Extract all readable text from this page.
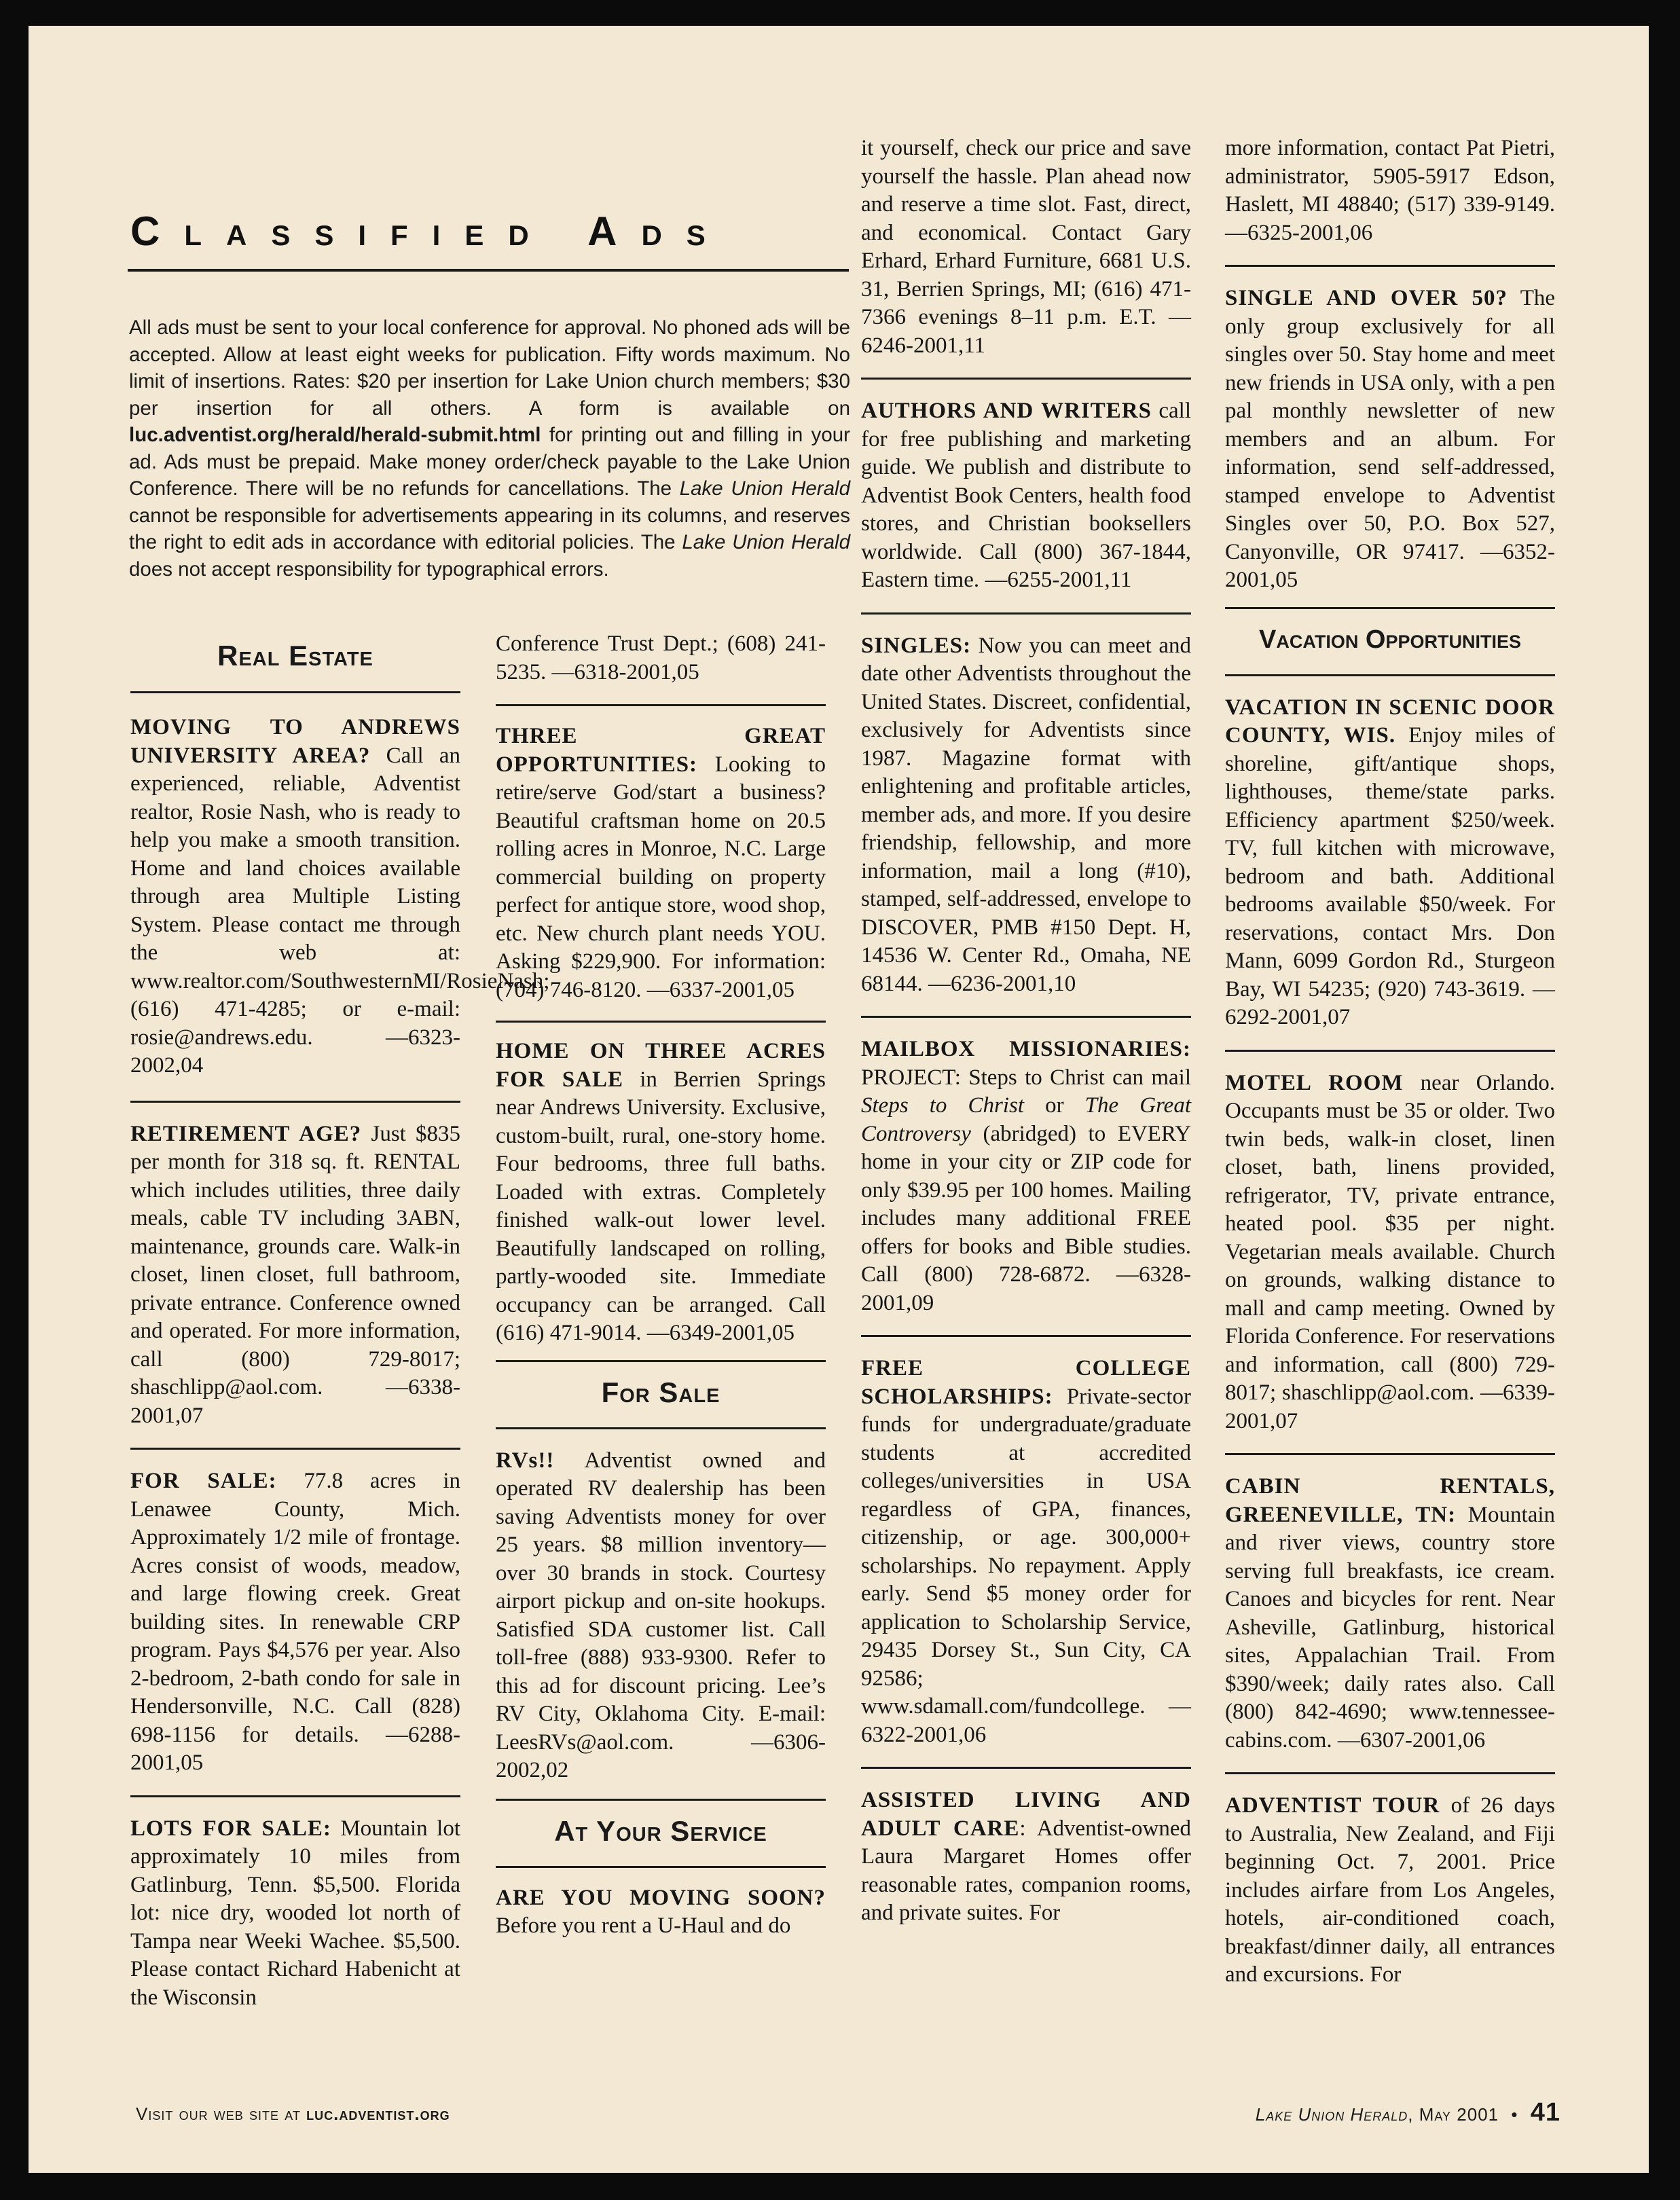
Classified Ads

All ads must be sent to your local conference for approval. No phoned ads will be accepted. Allow at least eight weeks for publication. Fifty words maximum. No limit of insertions. Rates: $20 per insertion for Lake Union church members; $30 per insertion for all others. A form is available on luc.adventist.org/herald/herald-submit.html for printing out and filling in your ad. Ads must be prepaid. Make money order/check payable to the Lake Union Conference. There will be no refunds for cancellations. The Lake Union Herald cannot be responsible for advertisements appearing in its columns, and reserves the right to edit ads in accordance with editorial policies. The Lake Union Herald does not accept responsibility for typographical errors.

Real Estate

MOVING TO ANDREWS UNIVERSITY AREA? Call an experienced, reliable, Adventist realtor, Rosie Nash, who is ready to help you make a smooth transition. Home and land choices available through area Multiple Listing System. Please contact me through the web at: www.realtor.com/SouthwesternMI/RosieNash; (616) 471-4285; or e-mail: rosie@andrews.edu. —6323-2002,04

RETIREMENT AGE? Just $835 per month for 318 sq. ft. RENTAL which includes utilities, three daily meals, cable TV including 3ABN, maintenance, grounds care. Walk-in closet, linen closet, full bathroom, private entrance. Conference owned and operated. For more information, call (800) 729-8017; shaschlipp@aol.com. —6338-2001,07

FOR SALE: 77.8 acres in Lenawee County, Mich. Approximately 1/2 mile of frontage. Acres consist of woods, meadow, and large flowing creek. Great building sites. In renewable CRP program. Pays $4,576 per year. Also 2-bedroom, 2-bath condo for sale in Hendersonville, N.C. Call (828) 698-1156 for details. —6288-2001,05

LOTS FOR SALE: Mountain lot approximately 10 miles from Gatlinburg, Tenn. $5,500. Florida lot: nice dry, wooded lot north of Tampa near Weeki Wachee. $5,500. Please contact Richard Habenicht at the Wisconsin

Conference Trust Dept.; (608) 241-5235. —6318-2001,05

THREE GREAT OPPORTUNITIES: Looking to retire/serve God/start a business? Beautiful craftsman home on 20.5 rolling acres in Monroe, N.C. Large commercial building on property perfect for antique store, wood shop, etc. New church plant needs YOU. Asking $229,900. For information: (704) 746-8120. —6337-2001,05

HOME ON THREE ACRES FOR SALE in Berrien Springs near Andrews University. Exclusive, custom-built, rural, one-story home. Four bedrooms, three full baths. Loaded with extras. Completely finished walk-out lower level. Beautifully landscaped on rolling, partly-wooded site. Immediate occupancy can be arranged. Call (616) 471-9014. —6349-2001,05

For Sale

RVs!! Adventist owned and operated RV dealership has been saving Adventists money for over 25 years. $8 million inventory—over 30 brands in stock. Courtesy airport pickup and on-site hookups. Satisfied SDA customer list. Call toll-free (888) 933-9300. Refer to this ad for discount pricing. Lee’s RV City, Oklahoma City. E-mail: LeesRVs@aol.com. —6306-2002,02

At Your Service

ARE YOU MOVING SOON? Before you rent a U-Haul and do

it yourself, check our price and save yourself the hassle. Plan ahead now and reserve a time slot. Fast, direct, and economical. Contact Gary Erhard, Erhard Furniture, 6681 U.S. 31, Berrien Springs, MI; (616) 471-7366 evenings 8–11 p.m. E.T. —6246-2001,11

AUTHORS AND WRITERS call for free publishing and marketing guide. We publish and distribute to Adventist Book Centers, health food stores, and Christian booksellers worldwide. Call (800) 367-1844, Eastern time. —6255-2001,11

SINGLES: Now you can meet and date other Adventists throughout the United States. Discreet, confidential, exclusively for Adventists since 1987. Magazine format with enlightening and profitable articles, member ads, and more. If you desire friendship, fellowship, and more information, mail a long (#10), stamped, self-addressed, envelope to DISCOVER, PMB #150 Dept. H, 14536 W. Center Rd., Omaha, NE 68144. —6236-2001,10

MAILBOX MISSIONARIES: PROJECT: Steps to Christ can mail Steps to Christ or The Great Controversy (abridged) to EVERY home in your city or ZIP code for only $39.95 per 100 homes. Mailing includes many additional FREE offers for books and Bible studies. Call (800) 728-6872. —6328-2001,09

FREE COLLEGE SCHOLARSHIPS: Private-sector funds for undergraduate/graduate students at accredited colleges/universities in USA regardless of GPA, finances, citizenship, or age. 300,000+ scholarships. No repayment. Apply early. Send $5 money order for application to Scholarship Service, 29435 Dorsey St., Sun City, CA 92586; www.sdamall.com/fundcollege. —6322-2001,06

ASSISTED LIVING AND ADULT CARE: Adventist-owned Laura Margaret Homes offer reasonable rates, companion rooms, and private suites. For

more information, contact Pat Pietri, administrator, 5905-5917 Edson, Haslett, MI 48840; (517) 339-9149. —6325-2001,06

SINGLE AND OVER 50? The only group exclusively for all singles over 50. Stay home and meet new friends in USA only, with a pen pal monthly newsletter of new members and an album. For information, send self-addressed, stamped envelope to Adventist Singles over 50, P.O. Box 527, Canyonville, OR 97417. —6352-2001,05

Vacation Opportunities

VACATION IN SCENIC DOOR COUNTY, WIS. Enjoy miles of shoreline, gift/antique shops, lighthouses, theme/state parks. Efficiency apartment $250/week. TV, full kitchen with microwave, bedroom and bath. Additional bedrooms available $50/week. For reservations, contact Mrs. Don Mann, 6099 Gordon Rd., Sturgeon Bay, WI 54235; (920) 743-3619. —6292-2001,07

MOTEL ROOM near Orlando. Occupants must be 35 or older. Two twin beds, walk-in closet, linen closet, bath, linens provided, refrigerator, TV, private entrance, heated pool. $35 per night. Vegetarian meals available. Church on grounds, walking distance to mall and camp meeting. Owned by Florida Conference. For reservations and information, call (800) 729-8017; shaschlipp@aol.com. —6339-2001,07

CABIN RENTALS, GREENEVILLE, TN: Mountain and river views, country store serving full breakfasts, ice cream. Canoes and bicycles for rent. Near Asheville, Gatlinburg, historical sites, Appalachian Trail. From $390/week; daily rates also. Call (800) 842-4690; www.tennessee-cabins.com. —6307-2001,06

ADVENTIST TOUR of 26 days to Australia, New Zealand, and Fiji beginning Oct. 7, 2001. Price includes airfare from Los Angeles, hotels, air-conditioned coach, breakfast/dinner daily, all entrances and excursions. For

Visit our web site at luc.adventist.org	Lake Union Herald, May 2001 • 41
